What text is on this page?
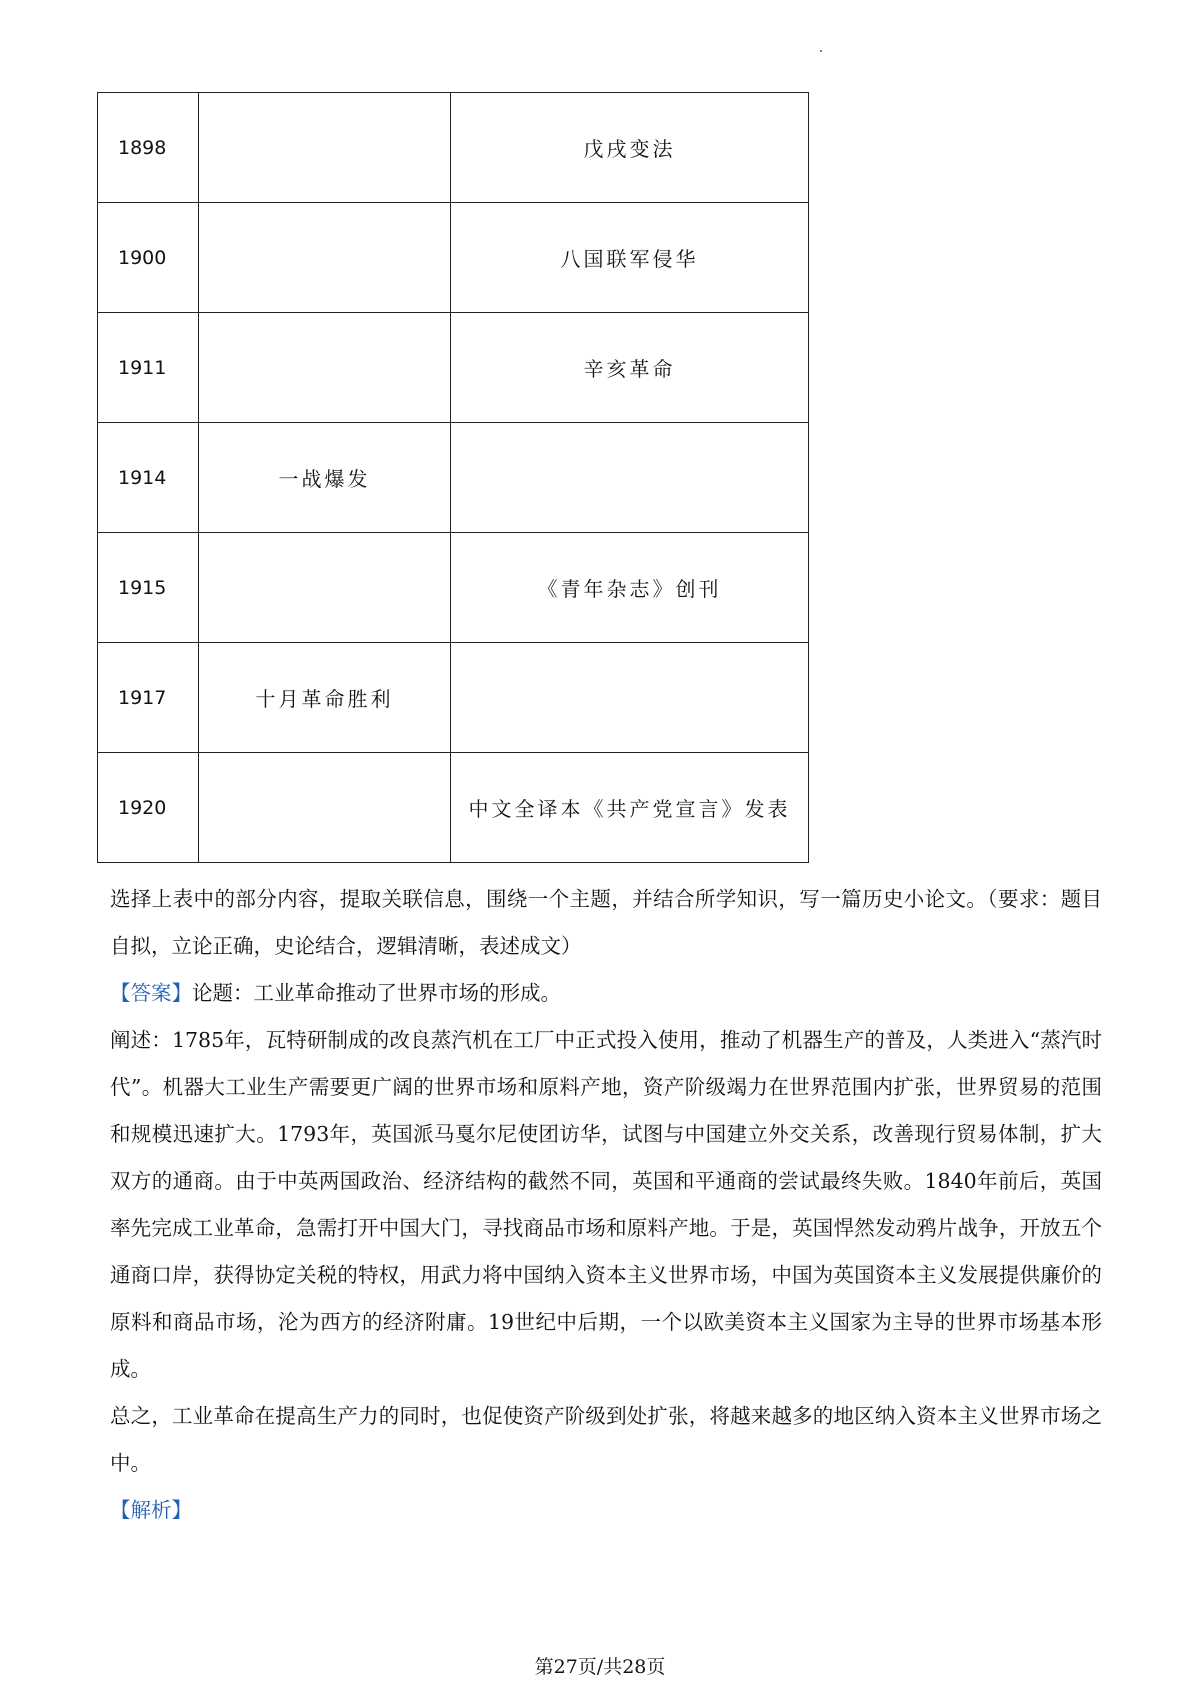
1898		戊戌变法
1900		八国联军侵华
1911		辛亥革命
1914	一战爆发	
1915		《青年杂志》创刊
1917	十月革命胜利	
1920		中文全译本《共产党宣言》发表

选择上表中的部分内容，提取关联信息，围绕一个主题，并结合所学知识，写一篇历史小论文。（要求：题目自拟，立论正确，史论结合，逻辑清晰，表述成文）

【答案】论题：工业革命推动了世界市场的形成。

阐述：1785年，瓦特研制成的改良蒸汽机在工厂中正式投入使用，推动了机器生产的普及，人类进入“蒸汽时代”。机器大工业生产需要更广阔的世界市场和原料产地，资产阶级竭力在世界范围内扩张，世界贸易的范围和规模迅速扩大。1793年，英国派马戛尔尼使团访华，试图与中国建立外交关系，改善现行贸易体制，扩大双方的通商。由于中英两国政治、经济结构的截然不同，英国和平通商的尝试最终失败。1840年前后，英国率先完成工业革命，急需打开中国大门，寻找商品市场和原料产地。于是，英国悍然发动鸦片战争，开放五个通商口岸，获得协定关税的特权，用武力将中国纳入资本主义世界市场，中国为英国资本主义发展提供廉价的原料和商品市场，沦为西方的经济附庸。19世纪中后期，一个以欧美资本主义国家为主导的世界市场基本形成。

总之，工业革命在提高生产力的同时，也促使资产阶级到处扩张，将越来越多的地区纳入资本主义世界市场之中。

【解析】

第27页/共28页
